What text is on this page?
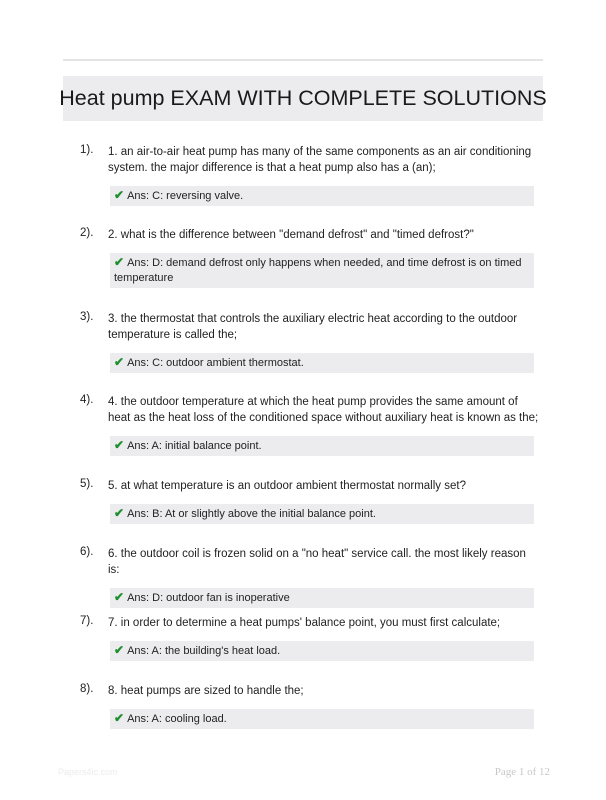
Heat pump EXAM WITH COMPLETE SOLUTIONS
1). 1. an air-to-air heat pump has many of the same components as an air conditioning system. the major difference is that a heat pump also has a (an);
✔ Ans: C: reversing valve.
2). 2. what is the difference between "demand defrost" and "timed defrost?"
✔ Ans: D: demand defrost only happens when needed, and time defrost is on timed temperature
3). 3. the thermostat that controls the auxiliary electric heat according to the outdoor temperature is called the;
✔ Ans: C: outdoor ambient thermostat.
4). 4. the outdoor temperature at which the heat pump provides the same amount of heat as the heat loss of the conditioned space without auxiliary heat is known as the;
✔ Ans: A: initial balance point.
5). 5. at what temperature is an outdoor ambient thermostat normally set?
✔ Ans: B: At or slightly above the initial balance point.
6). 6. the outdoor coil is frozen solid on a "no heat" service call. the most likely reason is:
✔ Ans: D: outdoor fan is inoperative
7). 7. in order to determine a heat pumps' balance point, you must first calculate;
✔ Ans: A: the building's heat load.
8). 8. heat pumps are sized to handle the;
✔ Ans: A: cooling load.
Papers4ic.com	Page 1 of 12
